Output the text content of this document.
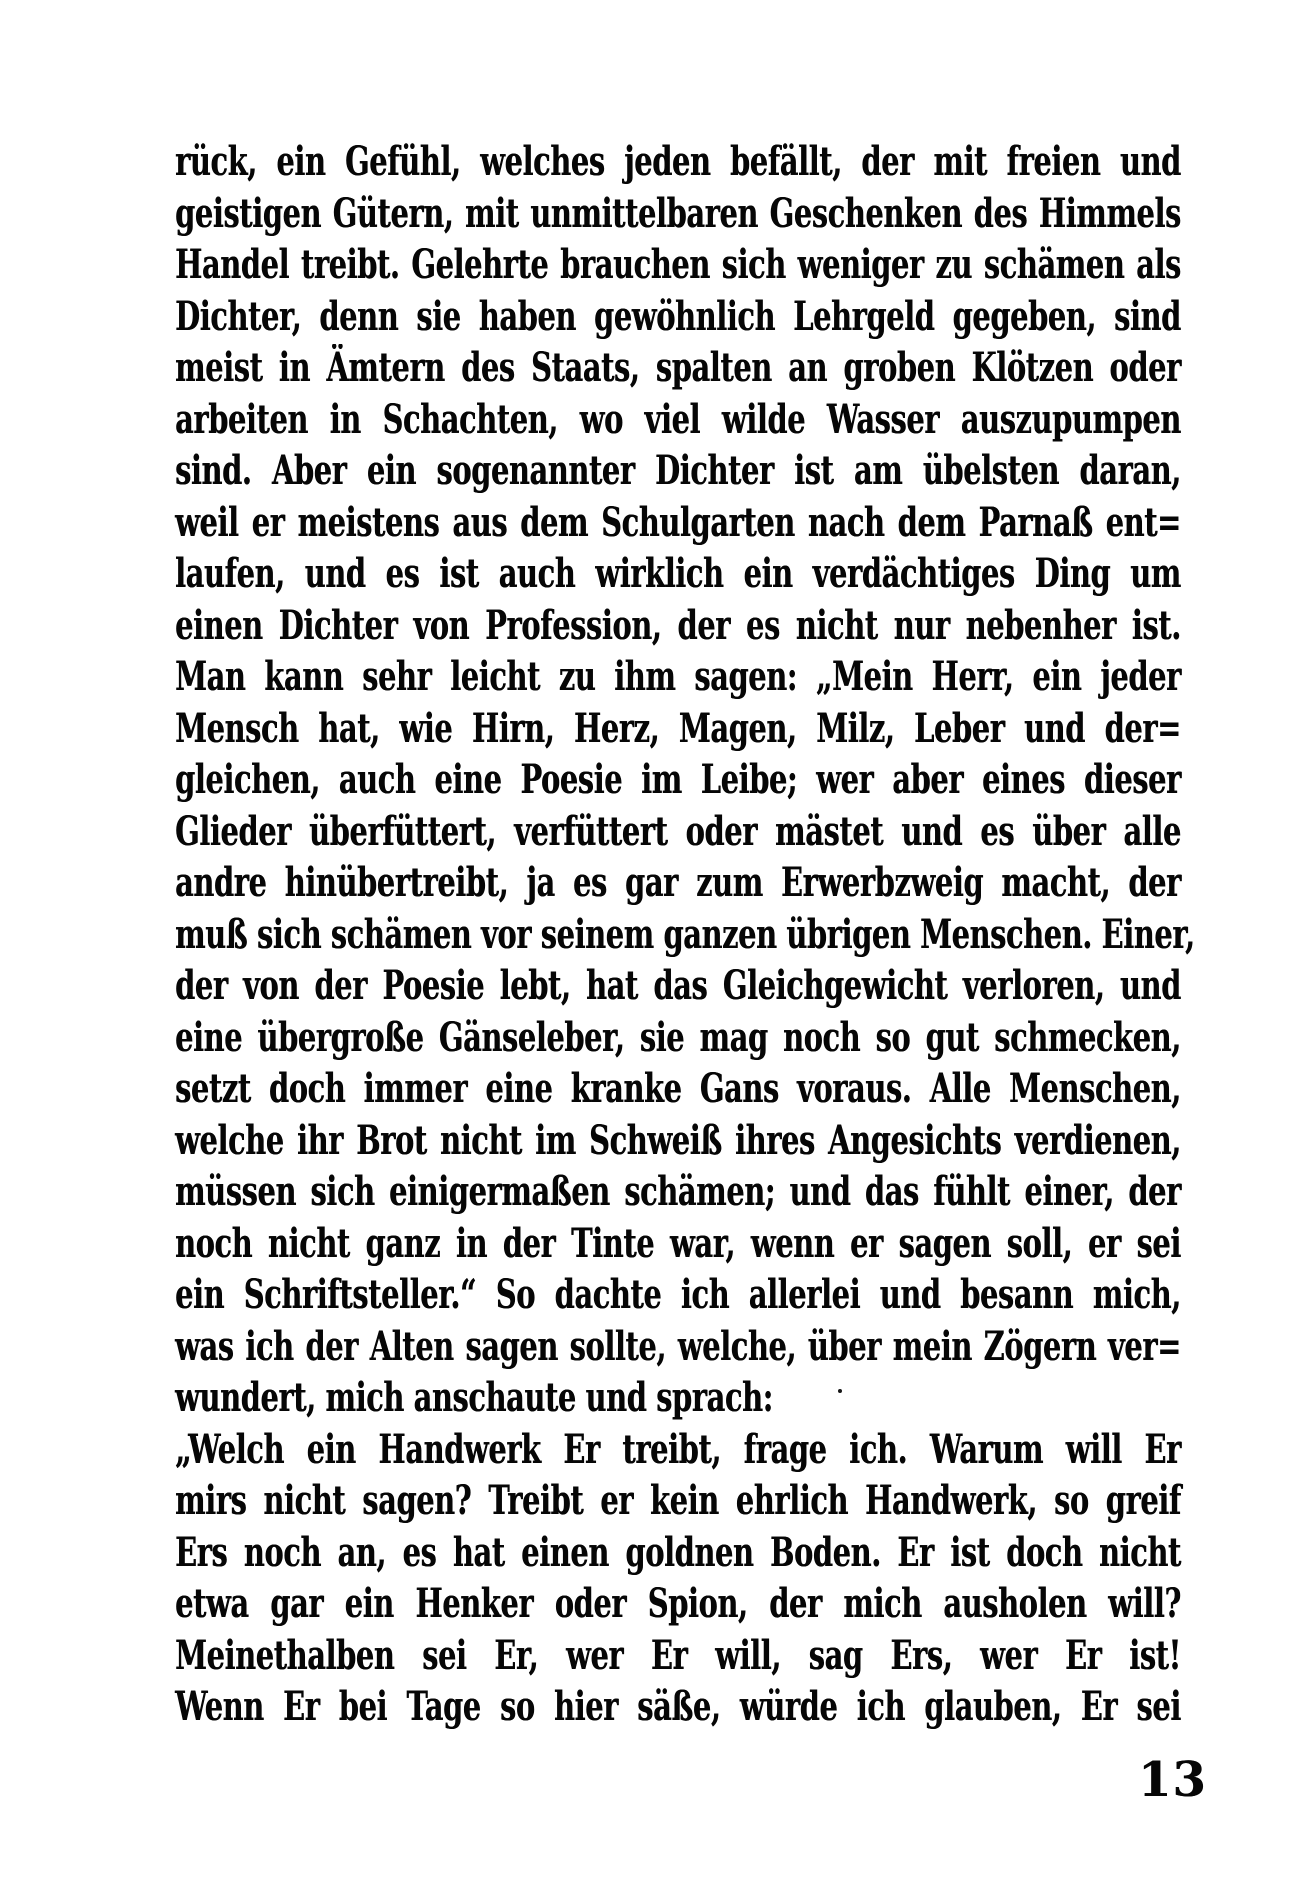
rück, ein Gefühl, welches jeden befällt, der mit freien und
geistigen Gütern, mit unmittelbaren Geschenken des Himmels
Handel treibt. Gelehrte brauchen sich weniger zu schämen als
Dichter, denn sie haben gewöhnlich Lehrgeld gegeben, sind
meist in Ämtern des Staats, spalten an groben Klötzen oder
arbeiten in Schachten, wo viel wilde Wasser auszupumpen
sind. Aber ein sogenannter Dichter ist am übelsten daran,
weil er meistens aus dem Schulgarten nach dem Parnaß ent=
laufen, und es ist auch wirklich ein verdächtiges Ding um
einen Dichter von Profession, der es nicht nur nebenher ist.
Man kann sehr leicht zu ihm sagen: „Mein Herr, ein jeder
Mensch hat, wie Hirn, Herz, Magen, Milz, Leber und der=
gleichen, auch eine Poesie im Leibe; wer aber eines dieser
Glieder überfüttert, verfüttert oder mästet und es über alle
andre hinübertreibt, ja es gar zum Erwerbzweig macht, der
muß sich schämen vor seinem ganzen übrigen Menschen. Einer,
der von der Poesie lebt, hat das Gleichgewicht verloren, und
eine übergroße Gänseleber, sie mag noch so gut schmecken,
setzt doch immer eine kranke Gans voraus. Alle Menschen,
welche ihr Brot nicht im Schweiß ihres Angesichts verdienen,
müssen sich einigermaßen schämen; und das fühlt einer, der
noch nicht ganz in der Tinte war, wenn er sagen soll, er sei
ein Schriftsteller.“ So dachte ich allerlei und besann mich,
was ich der Alten sagen sollte, welche, über mein Zögern ver=
wundert, mich anschaute und sprach:
„Welch ein Handwerk Er treibt, frage ich. Warum will Er
mirs nicht sagen? Treibt er kein ehrlich Handwerk, so greif
Ers noch an, es hat einen goldnen Boden. Er ist doch nicht
etwa gar ein Henker oder Spion, der mich ausholen will?
Meinethalben sei Er, wer Er will, sag Ers, wer Er ist!
Wenn Er bei Tage so hier säße, würde ich glauben, Er sei
13
